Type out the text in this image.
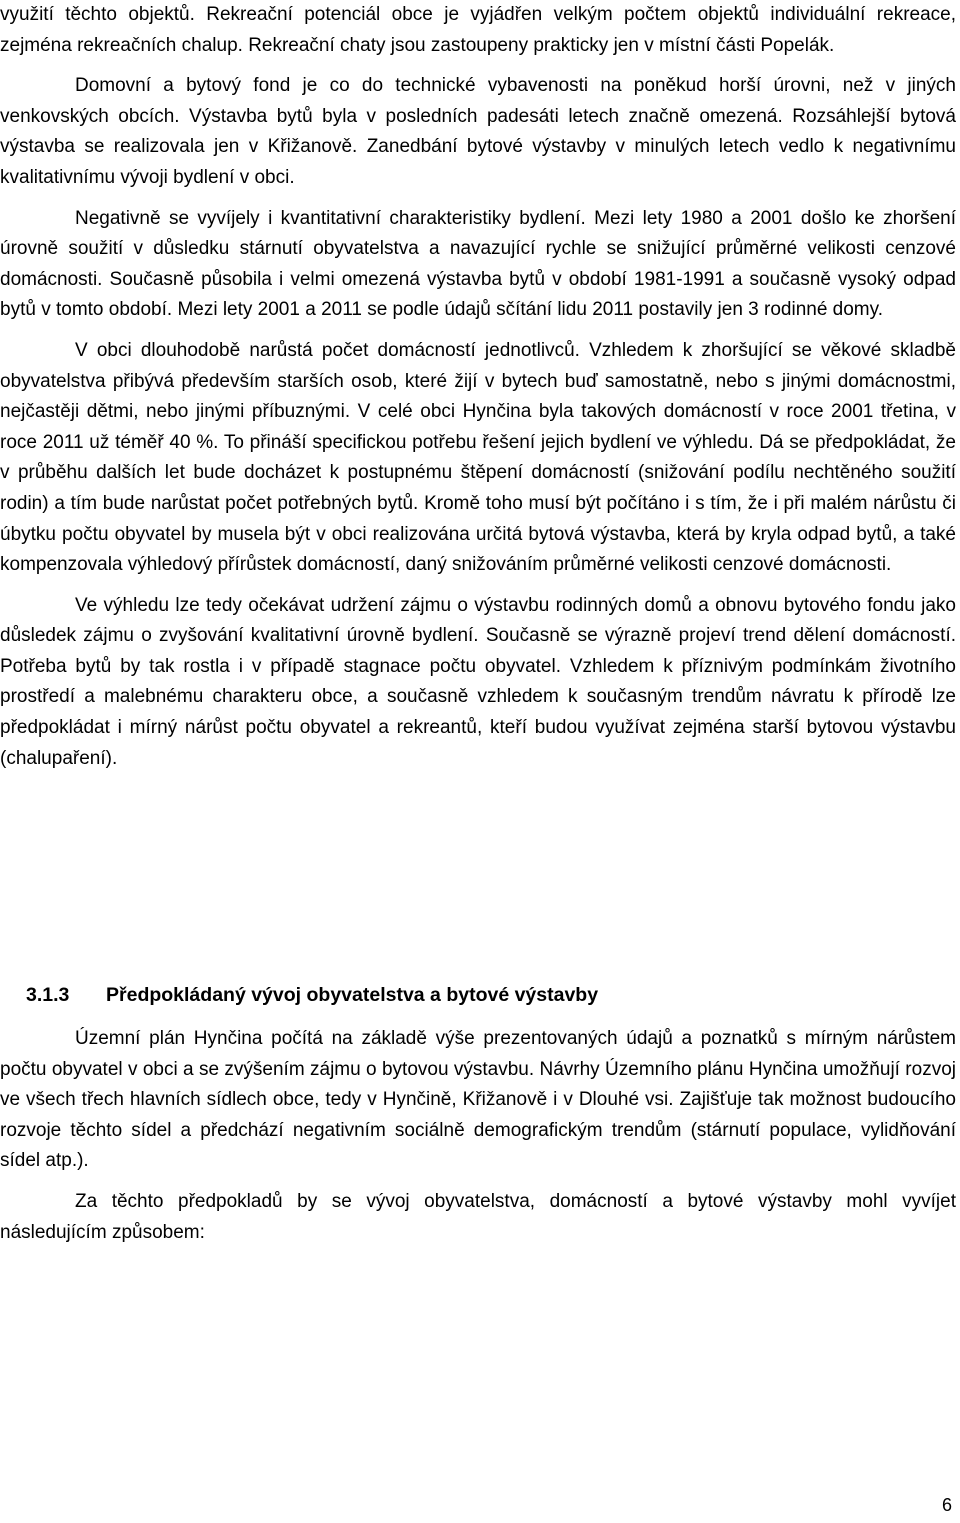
využití těchto objektů. Rekreační potenciál obce je vyjádřen velkým počtem objektů individuální rekreace, zejména rekreačních chalup. Rekreační chaty jsou zastoupeny prakticky jen v místní části Popelák.

Domovní a bytový fond je co do technické vybavenosti na poněkud horší úrovni, než v jiných venkovských obcích. Výstavba bytů byla v posledních padesáti letech značně omezená. Rozsáhlejší bytová výstavba se realizovala jen v Křižanově. Zanedbání bytové výstavby v minulých letech vedlo k negativnímu kvalitativnímu vývoji bydlení v obci.

Negativně se vyvíjely i kvantitativní charakteristiky bydlení. Mezi lety 1980 a 2001 došlo ke zhoršení úrovně soužití v důsledku stárnutí obyvatelstva a navazující rychle se snižující průměrné velikosti cenzové domácnosti. Současně působila i velmi omezená výstavba bytů v období 1981-1991 a současně vysoký odpad bytů v tomto období. Mezi lety 2001 a 2011 se podle údajů sčítání lidu 2011 postavily jen 3 rodinné domy.

V obci dlouhodobě narůstá počet domácností jednotlivců. Vzhledem k zhoršující se věkové skladbě obyvatelstva přibývá především starších osob, které žijí v bytech buď samostatně, nebo s jinými domácnostmi, nejčastěji dětmi, nebo jinými příbuznými. V celé obci Hynčina byla takových domácností v roce 2001 třetina, v roce 2011 už téměř 40 %. To přináší specifickou potřebu řešení jejich bydlení ve výhledu. Dá se předpokládat, že v průběhu dalších let bude docházet k postupnému štěpení domácností (snižování podílu nechtěného soužití rodin) a tím bude narůstat počet potřebných bytů. Kromě toho musí být počítáno i s tím, že i při malém nárůstu či úbytku počtu obyvatel by musela být v obci realizována určitá bytová výstavba, která by kryla odpad bytů, a také kompenzovala výhledový přírůstek domácností, daný snižováním průměrné velikosti cenzové domácnosti.

Ve výhledu lze tedy očekávat udržení zájmu o výstavbu rodinných domů a obnovu bytového fondu jako důsledek zájmu o zvyšování kvalitativní úrovně bydlení. Současně se výrazně projeví trend dělení domácností. Potřeba bytů by tak rostla i v případě stagnace počtu obyvatel. Vzhledem k příznivým podmínkám životního prostředí a malebnému charakteru obce, a současně vzhledem k současným trendům návratu k přírodě lze předpokládat i mírný nárůst počtu obyvatel a rekreantů, kteří budou využívat zejména starší bytovou výstavbu (chalupaření).

3.1.3 Předpokládaný vývoj obyvatelstva a bytové výstavby

Územní plán Hynčina počítá na základě výše prezentovaných údajů a poznatků s mírným nárůstem počtu obyvatel v obci a se zvýšením zájmu o bytovou výstavbu. Návrhy Územního plánu Hynčina umožňují rozvoj ve všech třech hlavních sídlech obce, tedy v Hynčině, Křižanově i v Dlouhé vsi. Zajišťuje tak možnost budoucího rozvoje těchto sídel a předchází negativním sociálně demografickým trendům (stárnutí populace, vylidňování sídel atp.).

Za těchto předpokladů by se vývoj obyvatelstva, domácností a bytové výstavby mohl vyvíjet následujícím způsobem:

6
